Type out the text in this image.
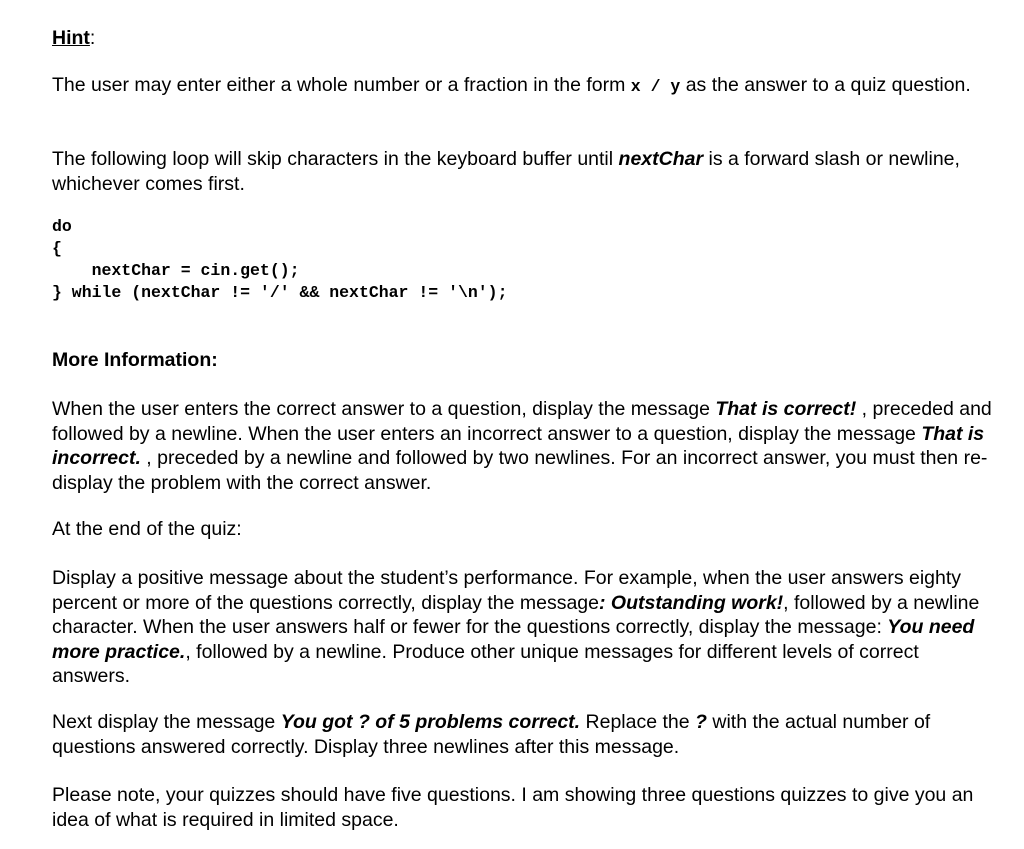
Hint:

The user may enter either a whole number or a fraction in the form x / y as the answer to a quiz question.

The following loop will skip characters in the keyboard buffer until nextChar is a forward slash or newline, whichever comes first.

do
{
nextChar = cin.get();
} while (nextChar != '/' && nextChar != '\n');

More Information:

When the user enters the correct answer to a question, display the message That is correct! , preceded and followed by a newline. When the user enters an incorrect answer to a question, display the message That is incorrect. , preceded by a newline and followed by two newlines. For an incorrect answer, you must then re-display the problem with the correct answer.

At the end of the quiz:

Display a positive message about the student’s performance. For example, when the user answers eighty percent or more of the questions correctly, display the message: Outstanding work!, followed by a newline character. When the user answers half or fewer for the questions correctly, display the message: You need more practice., followed by a newline. Produce other unique messages for different levels of correct answers.

Next display the message You got ? of 5 problems correct. Replace the ? with the actual number of questions answered correctly. Display three newlines after this message.

Please note, your quizzes should have five questions. I am showing three questions quizzes to give you an idea of what is required in limited space.
